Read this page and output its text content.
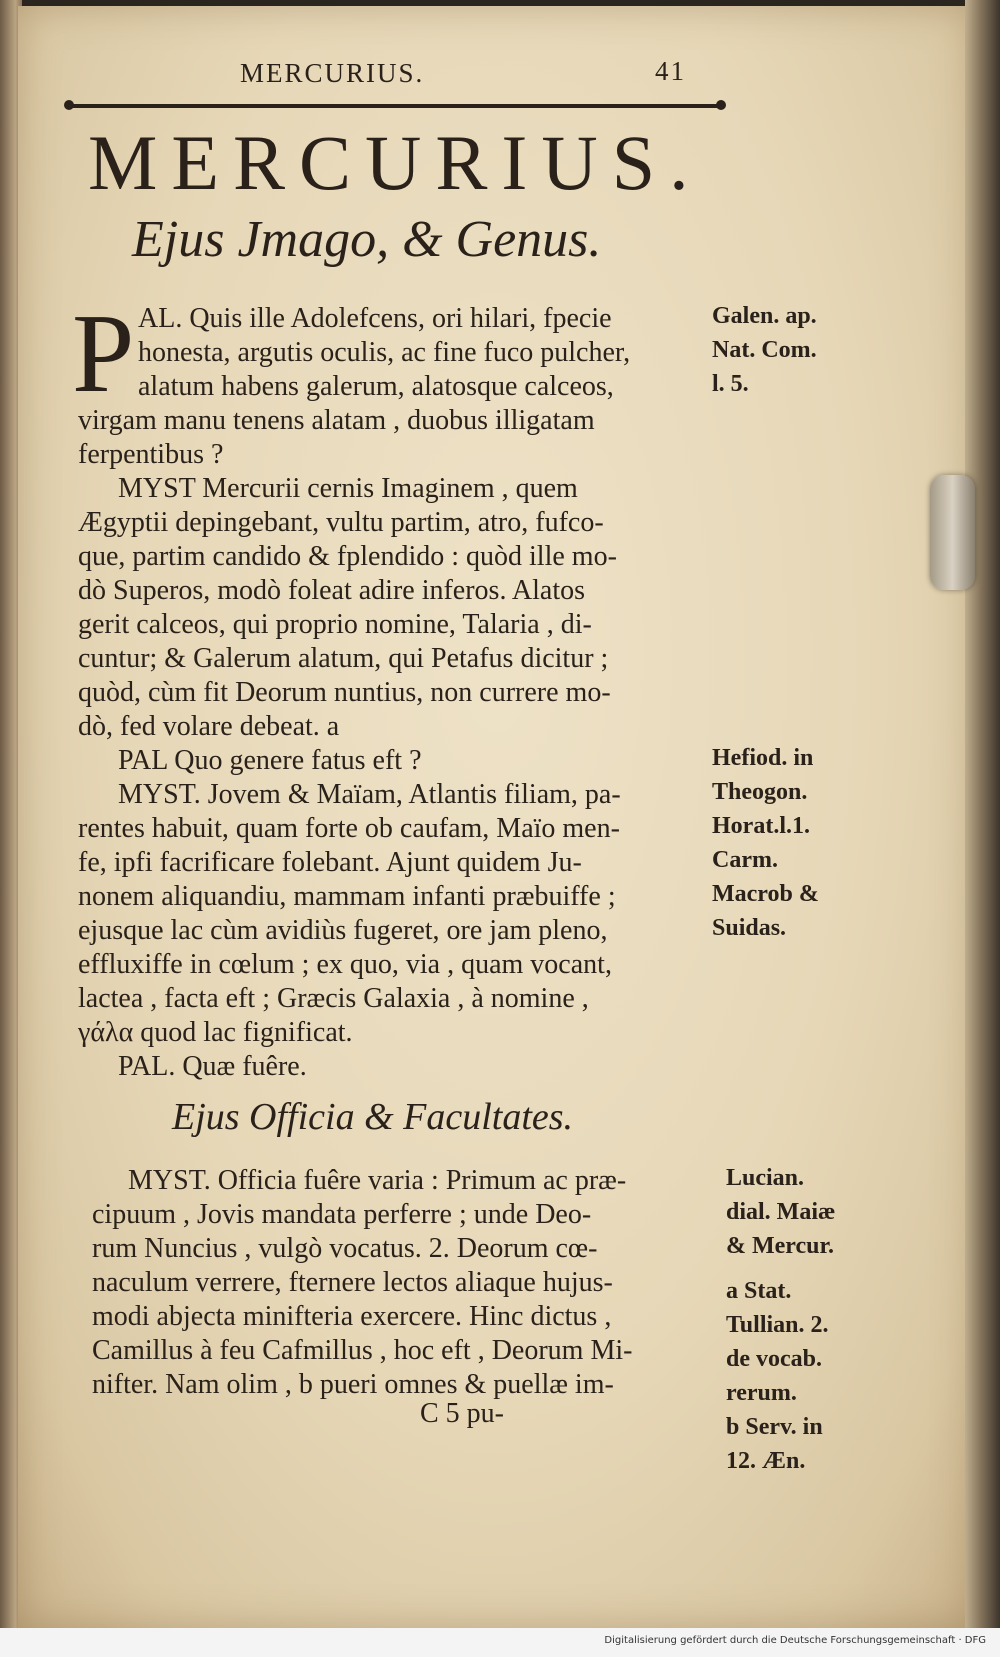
MERCURIUS.	41
MERCURIUS.
Ejus Jmago, & Genus.
P AL. Quis ille Adolefcens, ori hilari, fpecie
honesta, argutis oculis, ac fine fuco pulcher,
alatum habens galerum, alatosque calceos,
virgam manu tenens alatam , duobus illigatam
ferpentibus ?
MYST Mercurii cernis Imaginem , quem
Ægyptii depingebant, vultu partim, atro, fufco-
que, partim candido & fplendido : quòd ille mo-
dò Superos, modò foleat adire inferos. Alatos
gerit calceos, qui proprio nomine, Talaria , di-
cuntur; & Galerum alatum, qui Petafus dicitur ;
quòd, cùm fit Deorum nuntius, non currere mo-
dò, fed volare debeat. a
PAL Quo genere fatus eft ?
MYST. Jovem & Maïam, Atlantis filiam, pa-
rentes habuit, quam forte ob caufam, Maïo men-
fe, ipfi facrificare folebant. Ajunt quidem Ju-
nonem aliquandiu, mammam infanti præbuiffe ;
ejusque lac cùm avidiùs fugeret, ore jam pleno,
effluxiffe in cœlum ; ex quo, via , quam vocant,
lactea , facta eft ; Græcis Galaxia , à nomine ,
γάλα quod lac fignificat.
PAL. Quæ fuêre.
Ejus Officia & Facultates.
MYST. Officia fuêre varia : Primum ac præ-
cipuum , Jovis mandata perferre ; unde Deo-
rum Nuncius , vulgò vocatus. 2. Deorum cœ-
naculum verrere, fternere lectos aliaque hujus-
modi abjecta minifteria exercere. Hinc dictus ,
Camillus à feu Cafmillus , hoc eft , Deorum Mi-
nifter. Nam olim , b pueri omnes & puellæ im-
C 5 pu-
Galen. ap.
Nat. Com.
l. 5.
Hefiod. in
Theogon.
Horat.l.1.
Carm.
Macrob &
Suidas.
Lucian.
dial. Maiæ
& Mercur.
a Stat.
Tullian. 2.
de vocab.
rerum.
b Serv. in
12. Æn.
Digitalisierung gefördert durch die Deutsche Forschungsgemeinschaft · DFG
